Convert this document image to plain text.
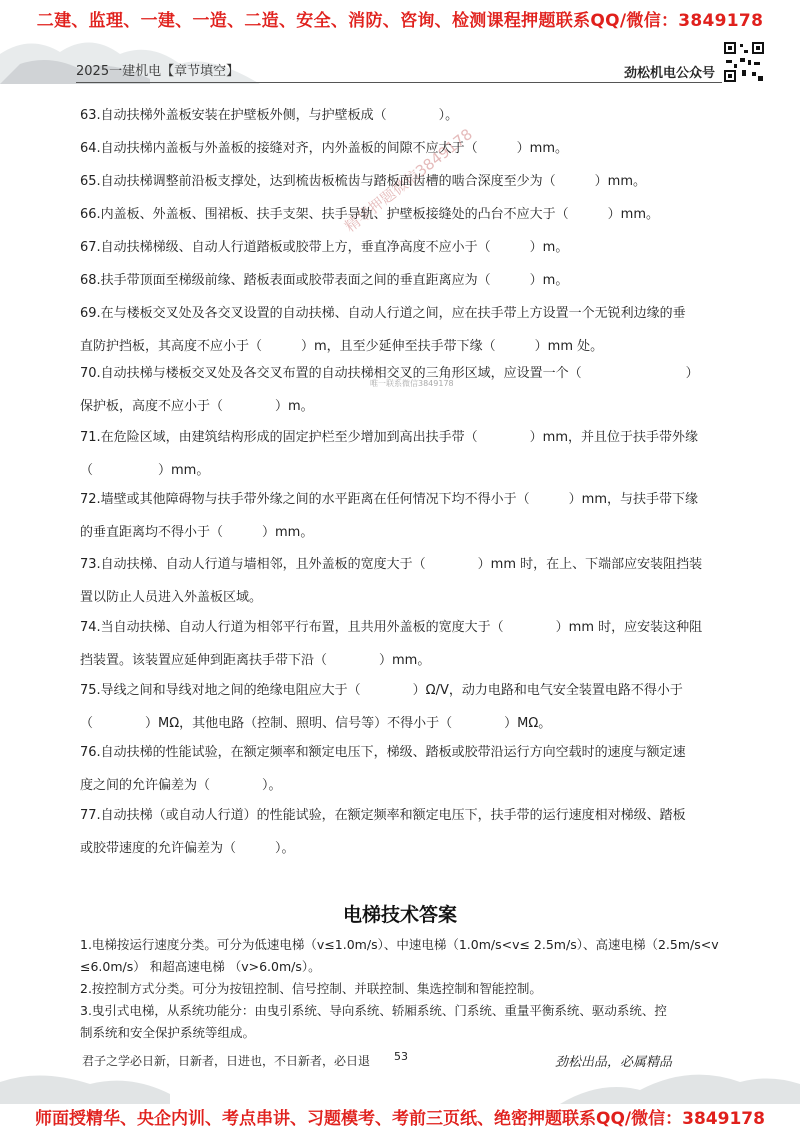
二建、监理、一建、一造、二造、安全、消防、咨询、检测课程押题联系QQ/微信：3849178
2025一建机电【章节填空】	劲松机电公众号
精华押题微信3849178
唯一联系微信3849178
63.自动扶梯外盖板安装在护壁板外侧，与护壁板成（　　　　）。
64.自动扶梯内盖板与外盖板的接缝对齐，内外盖板的间隙不应大于（　　　）mm。
65.自动扶梯调整前沿板支撑处，达到梳齿板梳齿与踏板面齿槽的啮合深度至少为（　　　）mm。
66.内盖板、外盖板、围裙板、扶手支架、扶手导轨、护壁板接缝处的凸台不应大于（　　　）mm。
67.自动扶梯梯级、自动人行道踏板或胶带上方，垂直净高度不应小于（　　　）m。
68.扶手带顶面至梯级前缘、踏板表面或胶带表面之间的垂直距离应为（　　　）m。
69.在与楼板交叉处及各交叉设置的自动扶梯、自动人行道之间，应在扶手带上方设置一个无锐利边缘的垂
直防护挡板，其高度不应小于（　　　）m，且至少延伸至扶手带下缘（　　　）mm 处。
70.自动扶梯与楼板交叉处及各交叉布置的自动扶梯相交叉的三角形区域，应设置一个（　　　　　　　　）
保护板，高度不应小于（　　　　）m。
71.在危险区域，由建筑结构形成的固定护栏至少增加到高出扶手带（　　　　）mm，并且位于扶手带外缘
（　　　　　）mm。
72.墙壁或其他障碍物与扶手带外缘之间的水平距离在任何情况下均不得小于（　　　）mm，与扶手带下缘
的垂直距离均不得小于（　　　）mm。
73.自动扶梯、自动人行道与墙相邻，且外盖板的宽度大于（　　　　）mm 时，在上、下端部应安装阻挡装
置以防止人员进入外盖板区域。
74.当自动扶梯、自动人行道为相邻平行布置，且共用外盖板的宽度大于（　　　　）mm 时，应安装这种阻
挡装置。该装置应延伸到距离扶手带下沿（　　　　）mm。
75.导线之间和导线对地之间的绝缘电阻应大于（　　　　）Ω/V，动力电路和电气安全装置电路不得小于
（　　　　）MΩ，其他电路（控制、照明、信号等）不得小于（　　　　）MΩ。
76.自动扶梯的性能试验，在额定频率和额定电压下，梯级、踏板或胶带沿运行方向空载时的速度与额定速
度之间的允许偏差为（　　　　）。
77.自动扶梯（或自动人行道）的性能试验，在额定频率和额定电压下，扶手带的运行速度相对梯级、踏板
或胶带速度的允许偏差为（　　　）。
电梯技术答案
1.电梯按运行速度分类。可分为低速电梯（v≤1.0m/s）、中速电梯（1.0m/s<v≤ 2.5m/s）、高速电梯（2.5m/s<v
≤6.0m/s） 和超高速电梯 （v>6.0m/s）。
2.按控制方式分类。可分为按钮控制、信号控制、并联控制、集选控制和智能控制。
3.曳引式电梯，从系统功能分：由曳引系统、导向系统、轿厢系统、门系统、重量平衡系统、驱动系统、控
制系统和安全保护系统等组成。
君子之学必日新，日新者，日进也，不日新者，必日退 53	劲松出品，必属精品
师面授精华、央企内训、考点串讲、习题模考、考前三页纸、绝密押题联系QQ/微信：3849178
